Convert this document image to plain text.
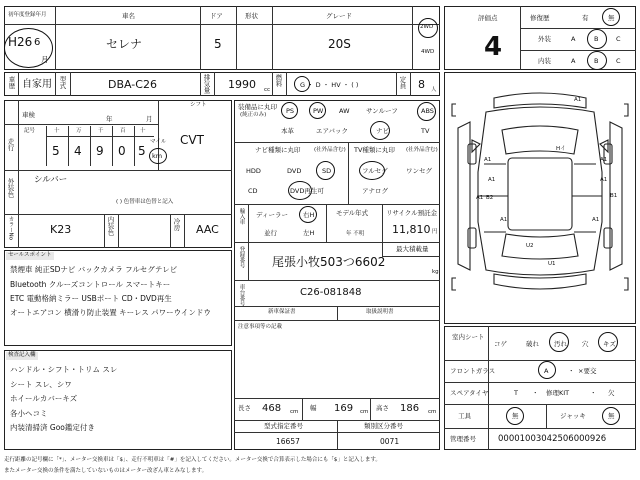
初年度登録年月
H26 6
月
車名
セレナ
ドア
5
形状	グレード
20S
2WD
4WD
車歴 自家用 型式	DBA-C26	排気量 1990 cc
燃料	G ・ D ・ HV ・ ( )	定員 8 人
車検	年	月
シフト
CVT
走行
記号	十	万	千	百	十
5 4 9 0 5
マイル
km
外装色 シルバー
( ) 色替車は色替と記入
カラーNo	K23	内装色	冷房 AAC
セールスポイント
禁煙車 純正SDナビ バックカメラ フルセグテレビ
Bluetooth クルーズコントロール スマートキー
ETC 電動格納ミラー USBポート CD・DVD再生
オートエアコン 横滑り防止装置 キーレス パワーウインドウ
検査記入欄
ハンドル・シフト・トリム スレ
シート スレ、シワ
ホイールカバーキズ
各小ヘコミ
内装清掃済 Goo鑑定付き
装備品に丸印
(純正のみ)	PS	PW AW	サンルーフ	ABS
本革	エアバック	ナビ	TV
ナビ種類に丸印 (社外品含む)
HDD	DVD	SD
CD	DVD再生可
TV種類に丸印 (社外品含む)
フルセグ	ワンセグ
アナログ
輸入車 ディーラー 右H
並行	左H
モデル年式
年 不明
リサイクル預託金
11,810 円
登録番号	最大積載量
尾張小牧503つ6602
kg
車台番号	C26-081848
新車保証書	取扱説明書
注意事項等の記載
長さ 468 cm 幅 169 cm 高さ 186 cm
型式指定番号
16657
類別区分番号
0071
評価点
4
修復歴	有	無
外装	A	B	C
内装	A	B	C
A1
A1
B2
A1
A1
B1
A1	A1
U2
A1	A1
U1
Hイ
室内シート
コゲ	破れ 汚れ 穴 キズ
フロントガラス	A	・ ×要交
スペアタイヤ	T ・ 修理KIT	・ 欠
工具	無	ジャッキ	無
管理番号	00001003042506000926
走行距離の記号欄に「*」、メーター交換車は「$」、走行不明車は「#」を記入してください。メーター交換で合算表示した場合にも「$」と記入します。
またメーター交換の条件を満たしていないものはメーター改ざん車とみなします。
